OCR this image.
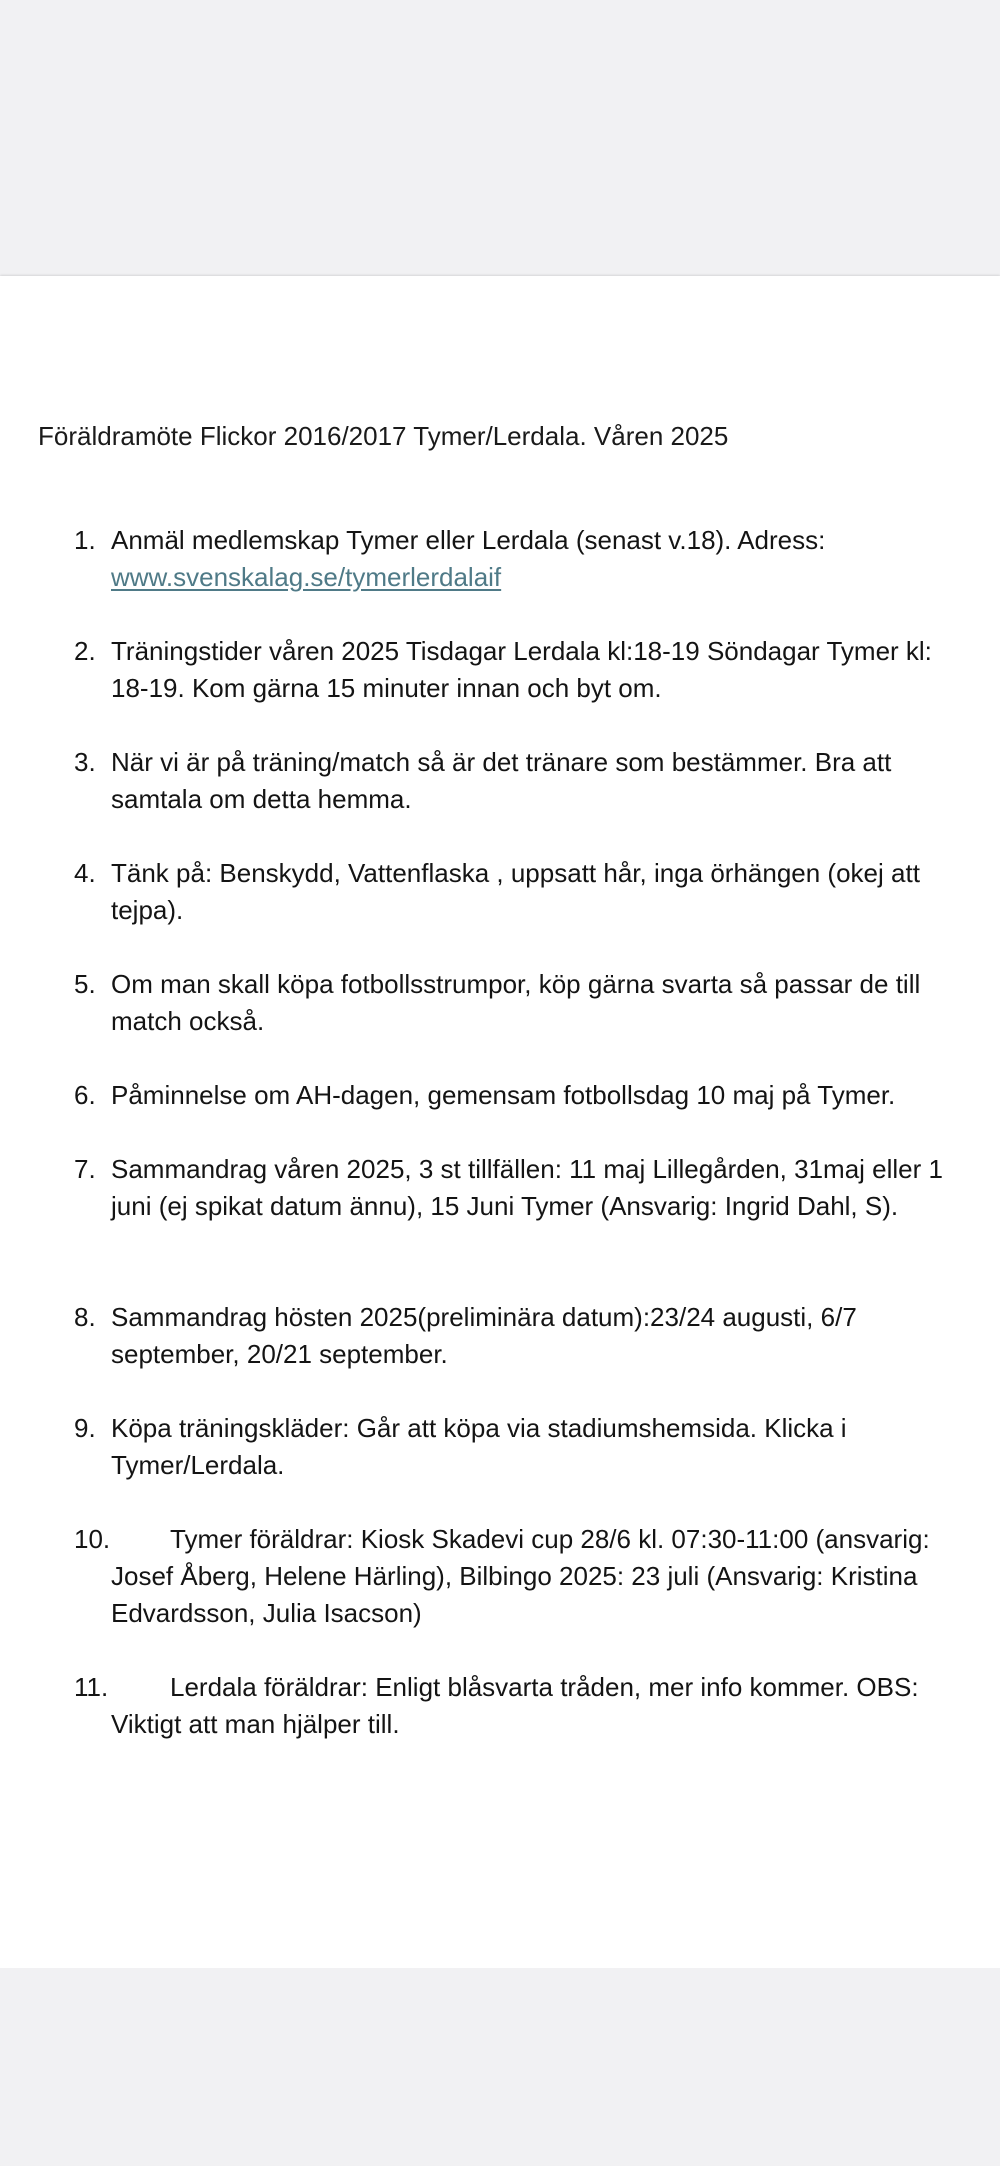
Föräldramöte Flickor 2016/2017 Tymer/Lerdala. Våren 2025
1. Anmäl medlemskap Tymer eller Lerdala (senast v.18). Adress: www.svenskalag.se/tymerlerdalaif
2. Träningstider våren 2025 Tisdagar Lerdala kl:18-19 Söndagar Tymer kl: 18-19. Kom gärna 15 minuter innan och byt om.
3. När vi är på träning/match så är det tränare som bestämmer. Bra att samtala om detta hemma.
4. Tänk på: Benskydd, Vattenflaska , uppsatt hår, inga örhängen (okej att tejpa).
5. Om man skall köpa fotbollsstrumpor, köp gärna svarta så passar de till match också.
6. Påminnelse om AH-dagen, gemensam fotbollsdag 10 maj på Tymer.
7. Sammandrag våren 2025, 3 st tillfällen: 11 maj Lillegården, 31maj eller 1 juni (ej spikat datum ännu), 15 Juni Tymer (Ansvarig: Ingrid Dahl, S).
8. Sammandrag hösten 2025(preliminära datum):23/24 augusti, 6/7 september, 20/21 september.
9. Köpa träningskläder: Går att köpa via stadiumshemsida. Klicka i Tymer/Lerdala.
10.	Tymer föräldrar: Kiosk Skadevi cup 28/6 kl. 07:30-11:00 (ansvarig: Josef Åberg, Helene Härling), Bilbingo 2025: 23 juli (Ansvarig: Kristina Edvardsson, Julia Isacson)
11.	Lerdala föräldrar: Enligt blåsvarta tråden, mer info kommer. OBS: Viktigt att man hjälper till.
